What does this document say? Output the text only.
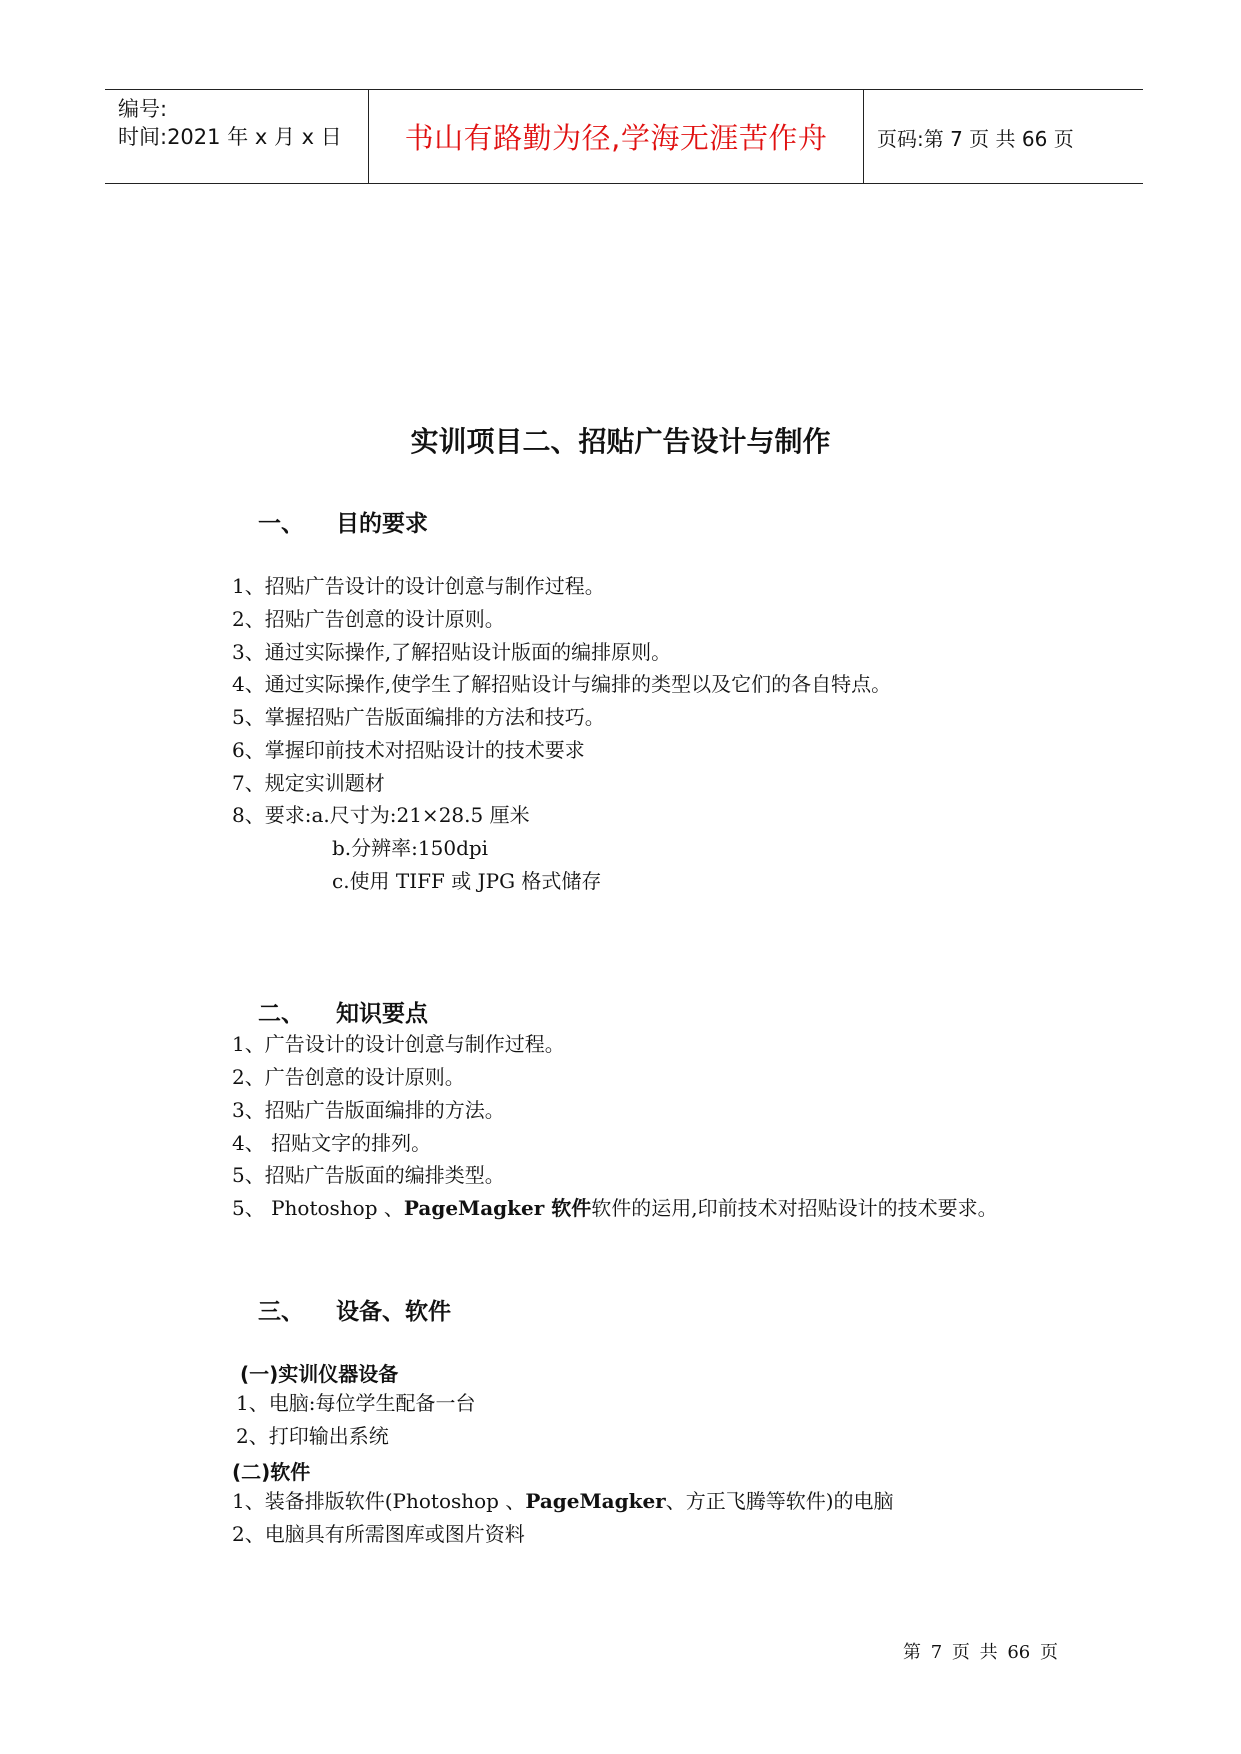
编号:
时间:2021 年 x 月 x 日	书山有路勤为径,学海无涯苦作舟	页码:第 7 页 共 66 页
实训项目二、招贴广告设计与制作
一、 目的要求
1、招贴广告设计的设计创意与制作过程。
2、招贴广告创意的设计原则。
3、通过实际操作,了解招贴设计版面的编排原则。
4、通过实际操作,使学生了解招贴设计与编排的类型以及它们的各自特点。
5、掌握招贴广告版面编排的方法和技巧。
6、掌握印前技术对招贴设计的技术要求
7、规定实训题材
8、要求:a.尺寸为:21×28.5 厘米
b.分辨率:150dpi
c.使用 TIFF 或 JPG 格式储存
二、 知识要点
1、广告设计的设计创意与制作过程。
2、广告创意的设计原则。
3、招贴广告版面编排的方法。
4、 招贴文字的排列。
5、招贴广告版面的编排类型。
5、 Photoshop 、PageMagker 软件软件的运用,印前技术对招贴设计的技术要求。
三、 设备、软件
(一)实训仪器设备
1、电脑:每位学生配备一台
2、打印输出系统
(二)软件
1、装备排版软件(Photoshop 、PageMagker、方正飞腾等软件)的电脑
2、电脑具有所需图库或图片资料
第 7 页 共 66 页
